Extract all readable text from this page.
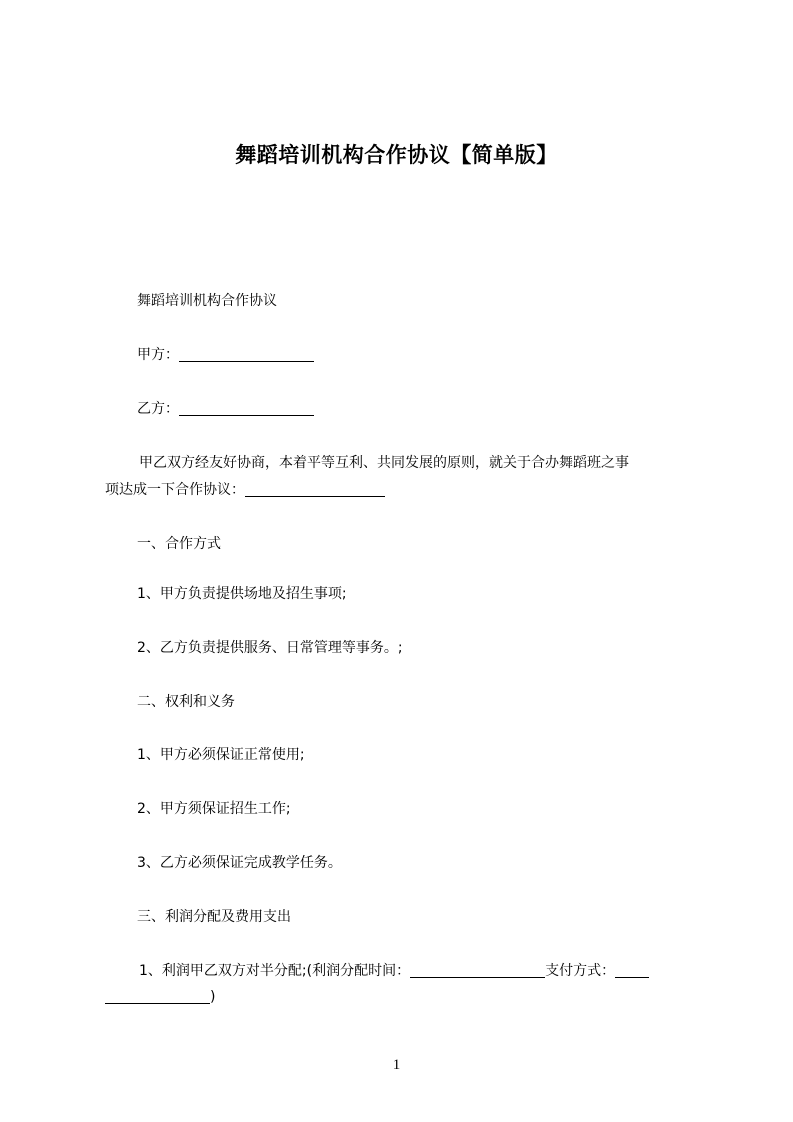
舞蹈培训机构合作协议【简单版】
舞蹈培训机构合作协议
甲方：
乙方：
甲乙双方经友好协商，本着平等互利、共同发展的原则，就关于合办舞蹈班之事
项达成一下合作协议：
一、合作方式
1、甲方负责提供场地及招生事项;
2、乙方负责提供服务、日常管理等事务。;
二、权利和义务
1、甲方必须保证正常使用;
2、甲方须保证招生工作;
3、乙方必须保证完成教学任务。
三、利润分配及费用支出
1、利润甲乙双方对半分配;(利润分配时间：	支付方式：
)
1
